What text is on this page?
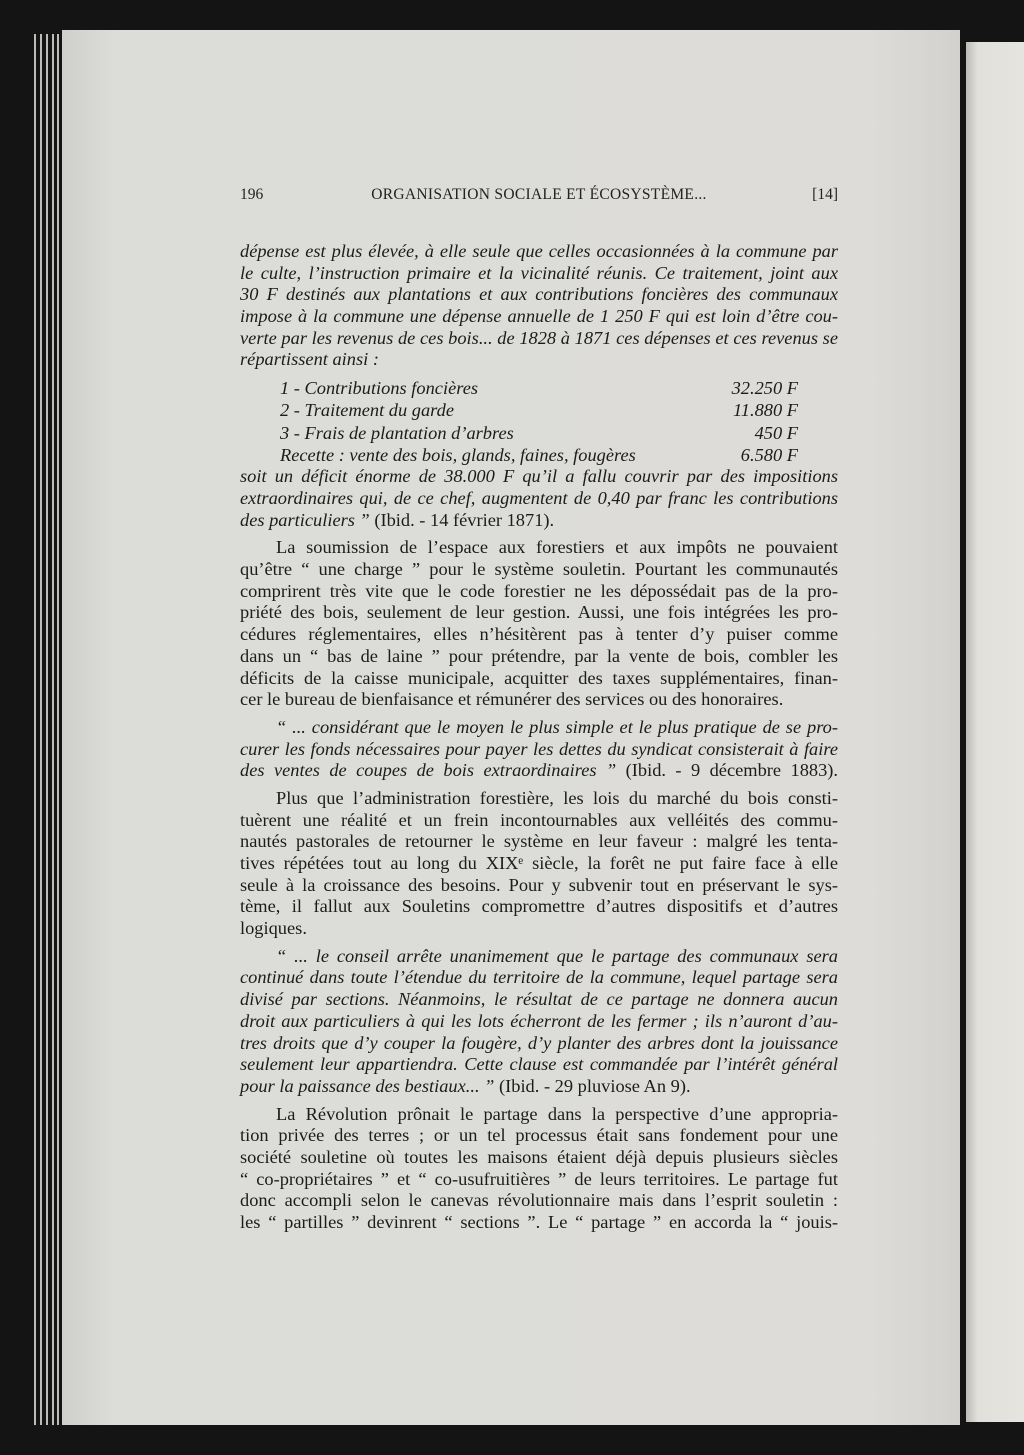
196	ORGANISATION SOCIALE ET ÉCOSYSTÈME...	[14]
dépense est plus élevée, à elle seule que celles occasionnées à la commune par
le culte, l’instruction primaire et la vicinalité réunis. Ce traitement, joint aux
30 F destinés aux plantations et aux contributions foncières des communaux
impose à la commune une dépense annuelle de 1 250 F qui est loin d’être cou-
verte par les revenus de ces bois... de 1828 à 1871 ces dépenses et ces revenus se
répartissent ainsi :
1 - Contributions foncières	32.250 F
2 - Traitement du garde	11.880 F
3 - Frais de plantation d’arbres	450 F
Recette : vente des bois, glands, faines, fougères	6.580 F
soit un déficit énorme de 38.000 F qu’il a fallu couvrir par des impositions
extraordinaires qui, de ce chef, augmentent de 0,40 par franc les contributions
des particuliers ” (Ibid. - 14 février 1871).
La soumission de l’espace aux forestiers et aux impôts ne pouvaient
qu’être “ une charge ” pour le système souletin. Pourtant les communautés
comprirent très vite que le code forestier ne les dépossédait pas de la pro-
priété des bois, seulement de leur gestion. Aussi, une fois intégrées les pro-
cédures réglementaires, elles n’hésitèrent pas à tenter d’y puiser comme
dans un “ bas de laine ” pour prétendre, par la vente de bois, combler les
déficits de la caisse municipale, acquitter des taxes supplémentaires, finan-
cer le bureau de bienfaisance et rémunérer des services ou des honoraires.
“ ... considérant que le moyen le plus simple et le plus pratique de se pro-
curer les fonds nécessaires pour payer les dettes du syndicat consisterait à faire
des ventes de coupes de bois extraordinaires ” (Ibid. - 9 décembre 1883).
Plus que l’administration forestière, les lois du marché du bois consti-
tuèrent une réalité et un frein incontournables aux velléités des commu-
nautés pastorales de retourner le système en leur faveur : malgré les tenta-
tives répétées tout au long du XIXᵉ siècle, la forêt ne put faire face à elle
seule à la croissance des besoins. Pour y subvenir tout en préservant le sys-
tème, il fallut aux Souletins compromettre d’autres dispositifs et d’autres
logiques.
“ ... le conseil arrête unanimement que le partage des communaux sera
continué dans toute l’étendue du territoire de la commune, lequel partage sera
divisé par sections. Néanmoins, le résultat de ce partage ne donnera aucun
droit aux particuliers à qui les lots écherront de les fermer ; ils n’auront d’au-
tres droits que d’y couper la fougère, d’y planter des arbres dont la jouissance
seulement leur appartiendra. Cette clause est commandée par l’intérêt général
pour la paissance des bestiaux... ” (Ibid. - 29 pluviose An 9).
La Révolution prônait le partage dans la perspective d’une appropria-
tion privée des terres ; or un tel processus était sans fondement pour une
société souletine où toutes les maisons étaient déjà depuis plusieurs siècles
“ co-propriétaires ” et “ co-usufruitières ” de leurs territoires. Le partage fut
donc accompli selon le canevas révolutionnaire mais dans l’esprit souletin :
les “ partilles ” devinrent “ sections ”. Le “ partage ” en accorda la “ jouis-
